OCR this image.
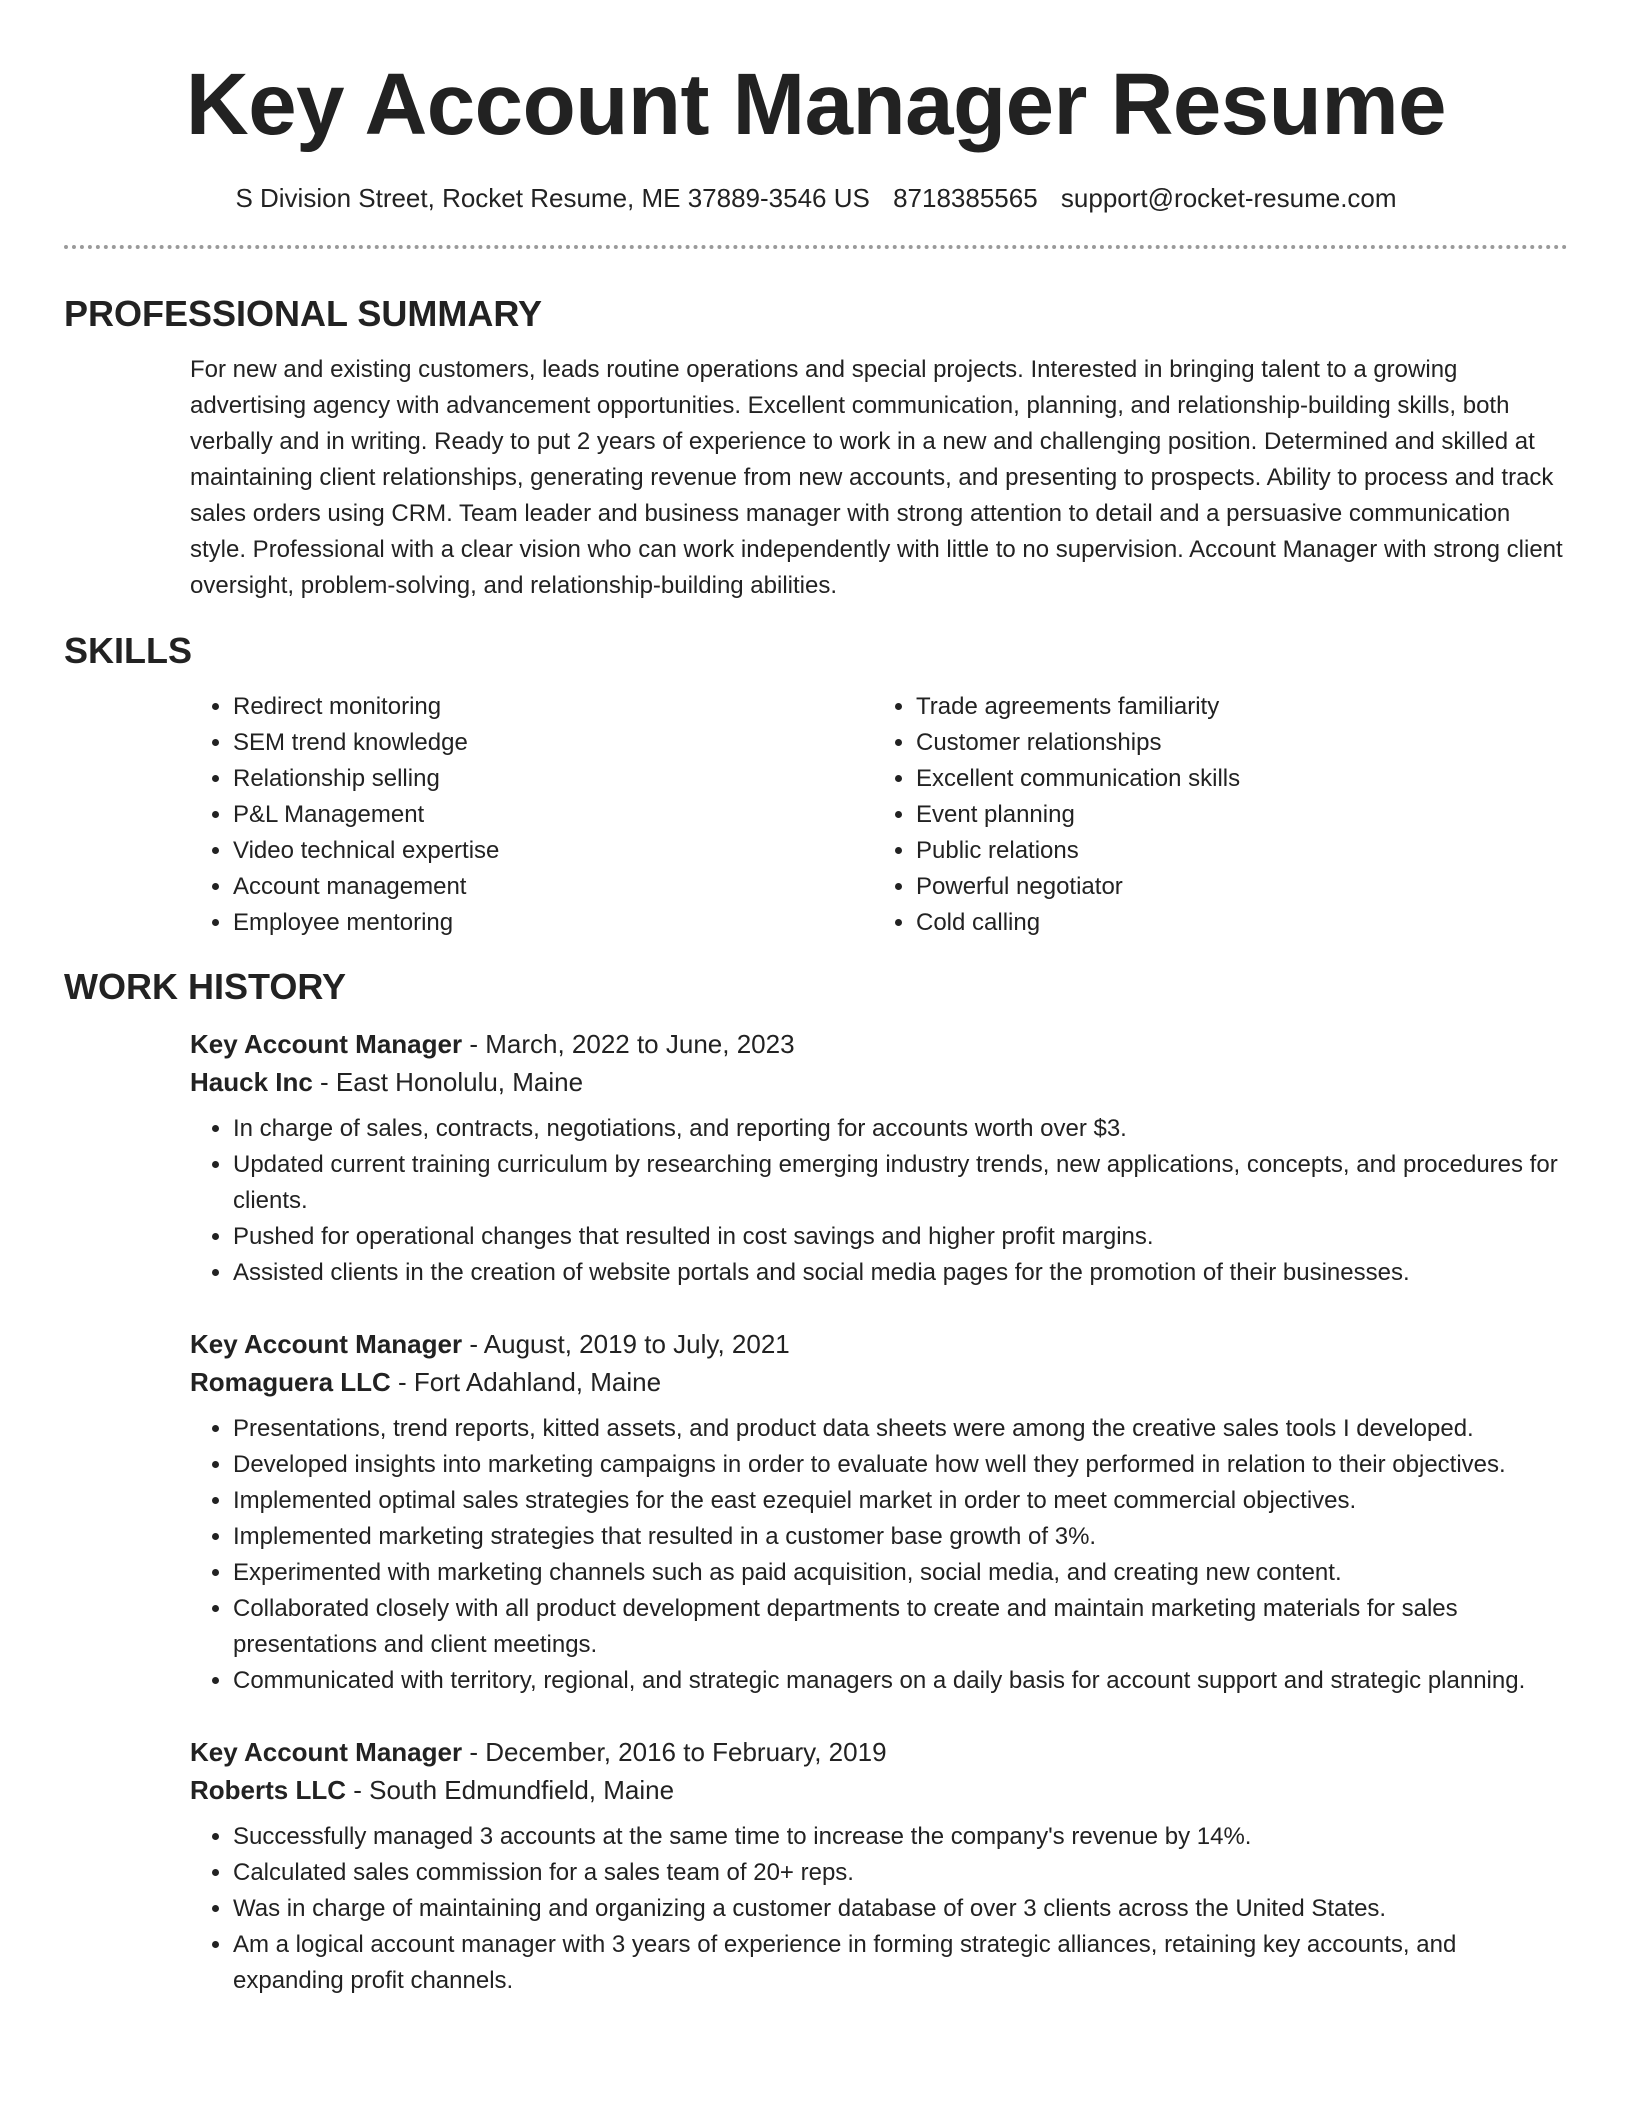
Key Account Manager Resume
S Division Street, Rocket Resume, ME 37889-3546 US 8718385565 support@rocket-resume.com
PROFESSIONAL SUMMARY

For new and existing customers, leads routine operations and special projects. Interested in bringing talent to a growing advertising agency with advancement opportunities. Excellent communication, planning, and relationship-building skills, both verbally and in writing. Ready to put 2 years of experience to work in a new and challenging position. Determined and skilled at maintaining client relationships, generating revenue from new accounts, and presenting to prospects. Ability to process and track sales orders using CRM. Team leader and business manager with strong attention to detail and a persuasive communication style. Professional with a clear vision who can work independently with little to no supervision. Account Manager with strong client oversight, problem-solving, and relationship-building abilities.

SKILLS
• Redirect monitoring
• SEM trend knowledge
• Relationship selling
• P&L Management
• Video technical expertise
• Account management
• Employee mentoring
• Trade agreements familiarity
• Customer relationships
• Excellent communication skills
• Event planning
• Public relations
• Powerful negotiator
• Cold calling
WORK HISTORY
Key Account Manager - March, 2022 to June, 2023
Hauck Inc - East Honolulu, Maine
• In charge of sales, contracts, negotiations, and reporting for accounts worth over $3.
• Updated current training curriculum by researching emerging industry trends, new applications, concepts, and procedures for clients.
• Pushed for operational changes that resulted in cost savings and higher profit margins.
• Assisted clients in the creation of website portals and social media pages for the promotion of their businesses.
Key Account Manager - August, 2019 to July, 2021
Romaguera LLC - Fort Adahland, Maine
• Presentations, trend reports, kitted assets, and product data sheets were among the creative sales tools I developed.
• Developed insights into marketing campaigns in order to evaluate how well they performed in relation to their objectives.
• Implemented optimal sales strategies for the east ezequiel market in order to meet commercial objectives.
• Implemented marketing strategies that resulted in a customer base growth of 3%.
• Experimented with marketing channels such as paid acquisition, social media, and creating new content.
• Collaborated closely with all product development departments to create and maintain marketing materials for sales presentations and client meetings.
• Communicated with territory, regional, and strategic managers on a daily basis for account support and strategic planning.
Key Account Manager - December, 2016 to February, 2019
Roberts LLC - South Edmundfield, Maine
• Successfully managed 3 accounts at the same time to increase the company's revenue by 14%.
• Calculated sales commission for a sales team of 20+ reps.
• Was in charge of maintaining and organizing a customer database of over 3 clients across the United States.
• Am a logical account manager with 3 years of experience in forming strategic alliances, retaining key accounts, and expanding profit channels.
